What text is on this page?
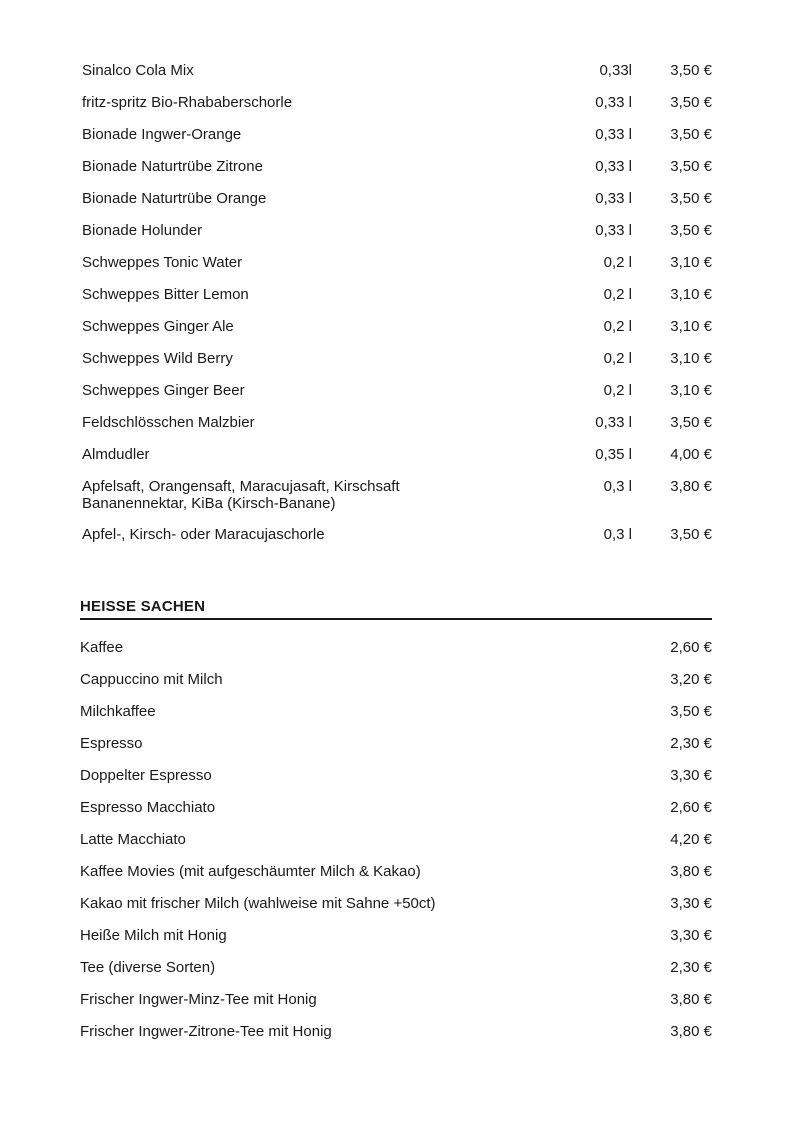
Sinalco Cola Mix	0,33l	3,50 €
fritz-spritz Bio-Rhababerschorle	0,33 l	3,50 €
Bionade Ingwer-Orange	0,33 l	3,50 €
Bionade Naturtrübe Zitrone	0,33 l	3,50 €
Bionade Naturtrübe Orange	0,33 l	3,50 €
Bionade Holunder	0,33 l	3,50 €
Schweppes Tonic Water	0,2 l	3,10 €
Schweppes Bitter Lemon	0,2 l	3,10 €
Schweppes Ginger Ale	0,2 l	3,10 €
Schweppes Wild Berry	0,2 l	3,10 €
Schweppes Ginger Beer	0,2 l	3,10 €
Feldschlösschen Malzbier	0,33 l	3,50 €
Almdudler	0,35 l	4,00 €
Apfelsaft, Orangensaft, Maracujasaft, Kirschsaft
Bananennektar, KiBa (Kirsch-Banane)
0,3 l	3,80 €
Apfel-, Kirsch- oder Maracujaschorle	0,3 l	3,50 €
HEISSE SACHEN
Kaffee	2,60 €
Cappuccino mit Milch	3,20 €
Milchkaffee	3,50 €
Espresso	2,30 €
Doppelter Espresso	3,30 €
Espresso Macchiato	2,60 €
Latte Macchiato	4,20 €
Kaffee Movies (mit aufgeschäumter Milch & Kakao)	3,80 €
Kakao mit frischer Milch (wahlweise mit Sahne +50ct)	3,30 €
Heiße Milch mit Honig	3,30 €
Tee (diverse Sorten)	2,30 €
Frischer Ingwer-Minz-Tee mit Honig	3,80 €
Frischer Ingwer-Zitrone-Tee mit Honig	3,80 €
